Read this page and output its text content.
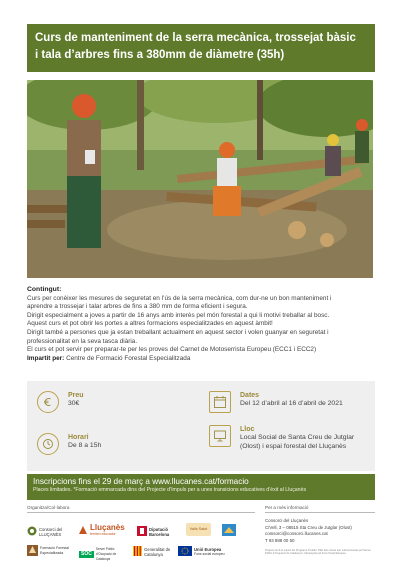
Curs de manteniment de la serra mecànica, trossejat bàsic
i tala d’arbres fins a 380mm de diàmetre (35h)
Contingut:
Curs per conèixer les mesures de seguretat en l’ús de la serra mecànica, com dur-ne un bon manteniment i
aprendre a trossejar i talar arbres de fins a 380 mm de forma eficient i segura.
Dirigit especialment a joves a partir de 16 anys amb interès pel món forestal a qui li motivi treballar al bosc.
Aquest curs et pot obrir les portes a altres formacions especialitzades en aquest àmbit!
Dirigit també a persones que ja estan treballant actualment en aquest sector i volen guanyar en seguretat i
professionalitat en la seva tasca diària.
El curs et pot servir per preparar-te per les proves del Carnet de Motoserrista Europeu (ECC1 i ECC2)
Impartit per: Centre de Formació Forestal Especialitzada
Preu
30€
Dates
Del 12 d’abril al 16 d’abril de 2021
Horari
De 8 a 15h
Lloc
Local Social de Santa Creu de Jutglar
(Olost) i espai forestal del Lluçanès
Inscripcions fins el 29 de març a www.llucanes.cat/formacio
Places limitades. *Formació emmarcada dins del Projecte d’Impuls per a unes transicions educatives d’èxit al Lluçanès
Organitza/Col·labora	Per a més informació
Consorci del LLUÇANÈS
Lluçanès
territori educador
Diputació Barcelona
Valls Salut
Formació Forestal Especialitzada	SOC
Servei Públic d’Ocupació de Catalunya
Generalitat de Catalunya
Unió Europea
Fons social europeu
Consorci del Lluçanès
C/Vell, 3 – 08515 Sta Creu de Jutglar (Olost)
comsorci@consorci.llucanes.cat
T 93 888 00 50
Projecte amb el suport del Programa Treball i FSE. Els cursos són subvencionats pel Servei Públic d’Ocupació de Catalunya i cofinançats pel Fons Social Europeu.
